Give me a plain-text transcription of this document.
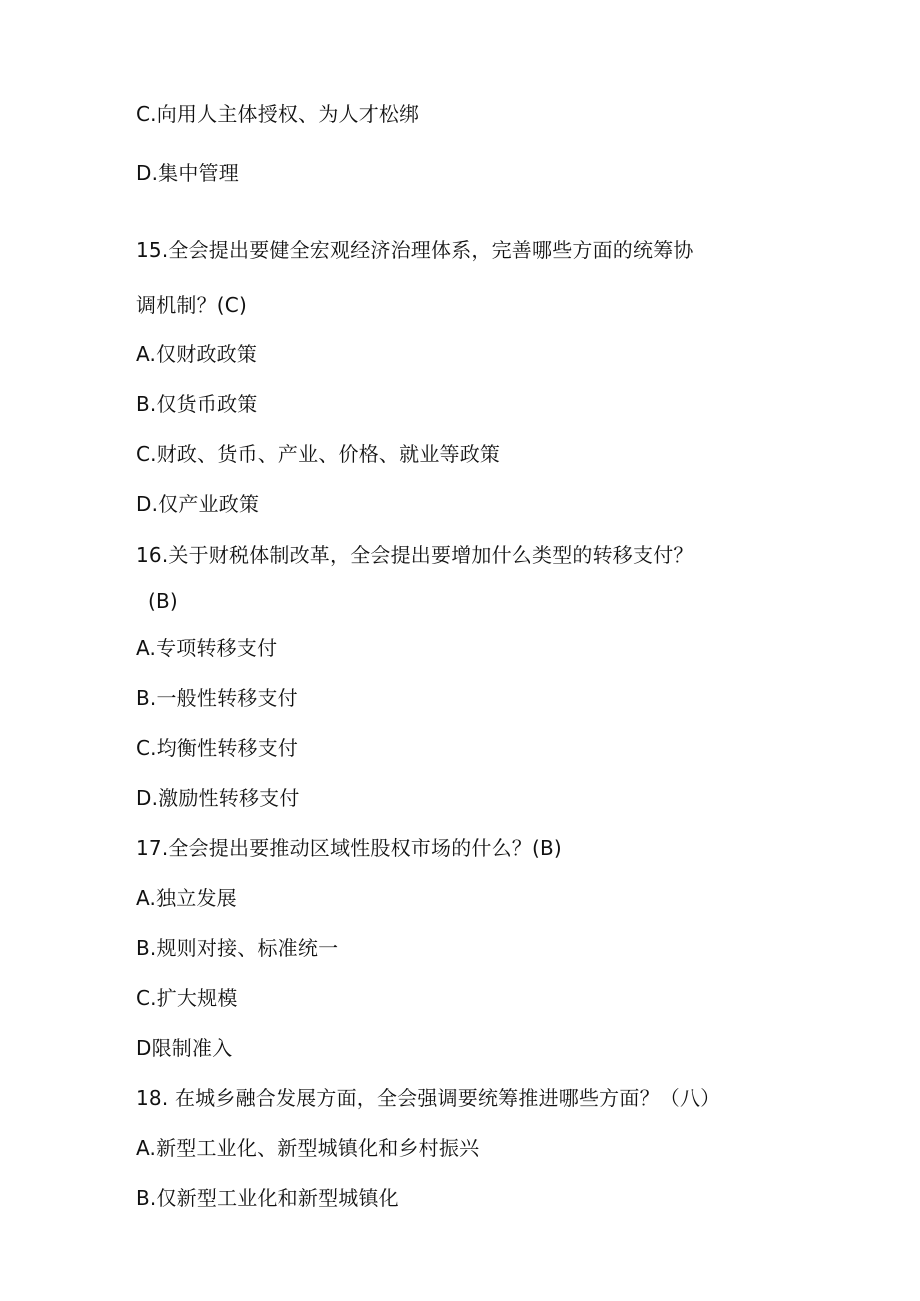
C.向用人主体授权、为人才松绑
D.集中管理
15.全会提出要健全宏观经济治理体系，完善哪些方面的统筹协
调机制？(C)
A.仅财政政策
B.仅货币政策
C.财政、货币、产业、价格、就业等政策
D.仅产业政策
16.关于财税体制改革，全会提出要增加什么类型的转移支付？
(B)
A.专项转移支付
B.一般性转移支付
C.均衡性转移支付
D.激励性转移支付
17.全会提出要推动区域性股权市场的什么？(B)
A.独立发展
B.规则对接、标准统一
C.扩大规模
D限制准入
18. 在城乡融合发展方面，全会强调要统筹推进哪些方面？（八）
A.新型工业化、新型城镇化和乡村振兴
B.仅新型工业化和新型城镇化
